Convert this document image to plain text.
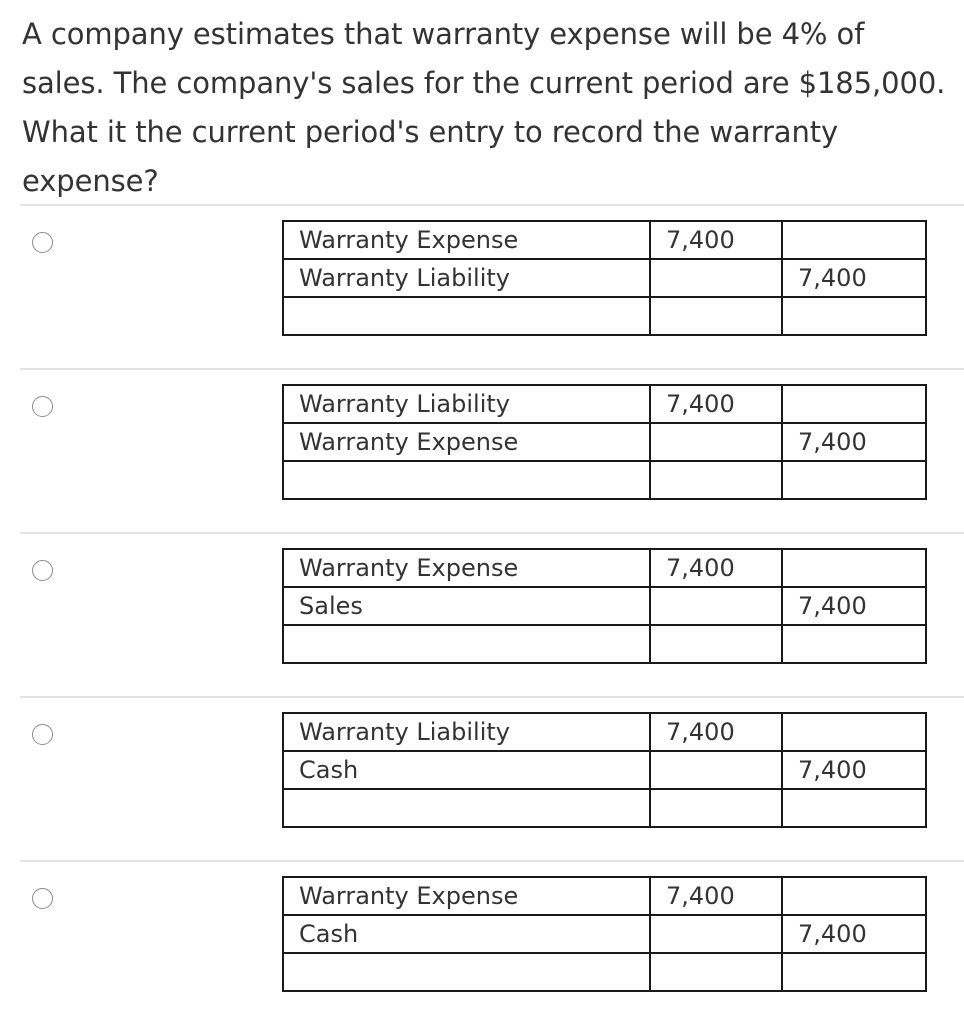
A company estimates that warranty expense will be 4% of sales. The company's sales for the current period are $185,000. What it the current period's entry to record the warranty expense?
Warranty Expense	7,400	
Warranty Liability		7,400

Warranty Liability	7,400	
Warranty Expense		7,400

Warranty Expense	7,400	
Sales		7,400

Warranty Liability	7,400	
Cash		7,400

Warranty Expense	7,400	
Cash		7,400
